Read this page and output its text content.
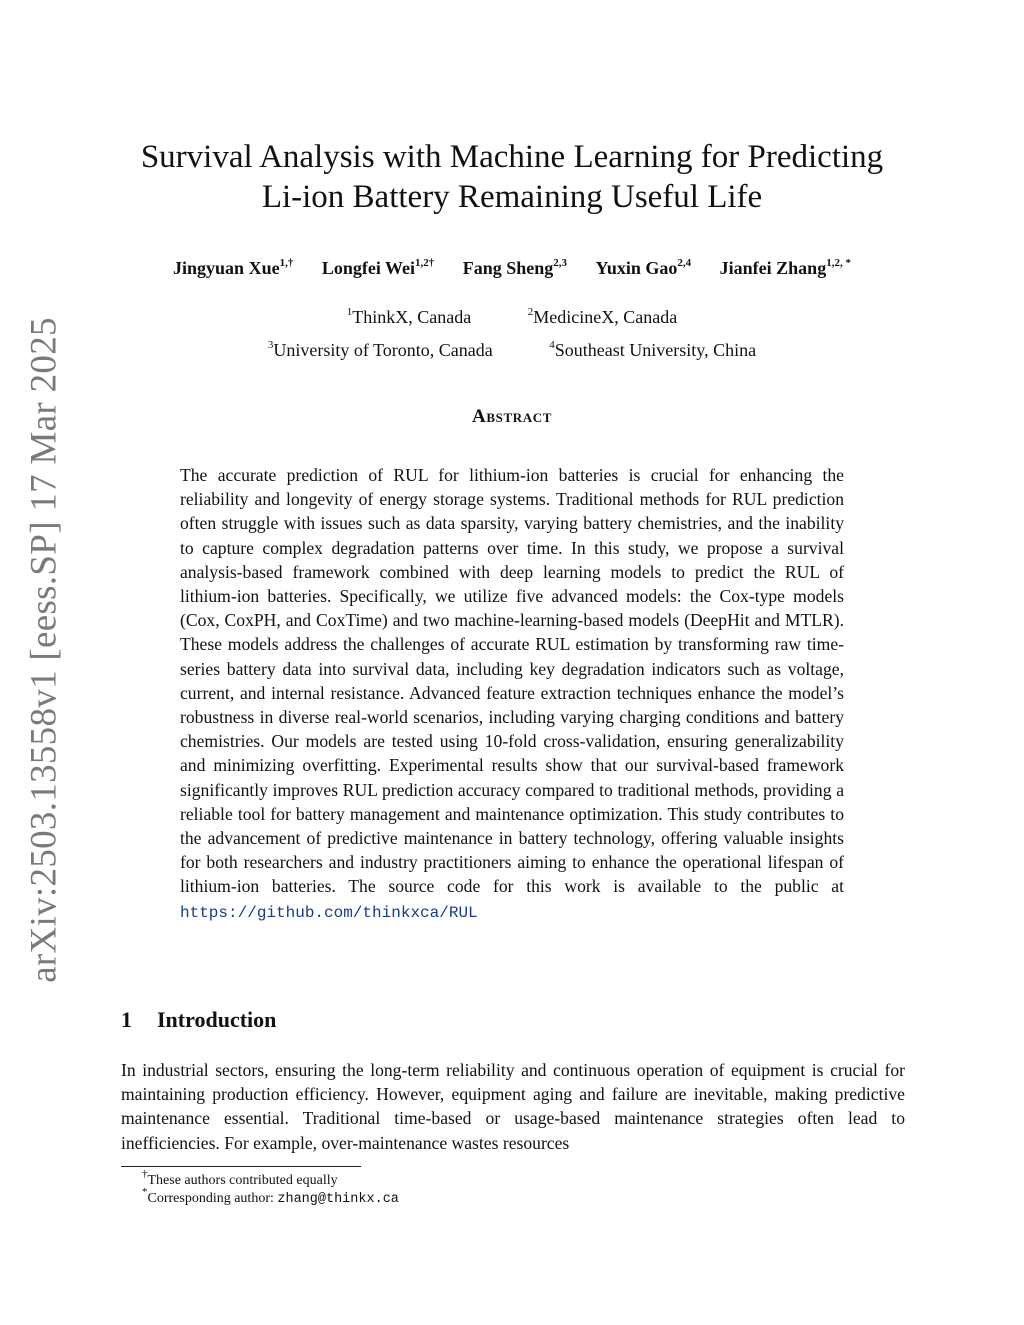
arXiv:2503.13558v1 [eess.SP] 17 Mar 2025
Survival Analysis with Machine Learning for Predicting
Li-ion Battery Remaining Useful Life
Jingyuan Xue$^{1,\dagger}$ Longfei Wei$^{1,2\dagger}$ Fang Sheng$^{2,3}$ Yuxin Gao$^{2,4}$ Jianfei Zhang$^{1,2, *}$
$^1$ThinkX, Canada	$^2$MedicineX, Canada
$^3$University of Toronto, Canada	$^4$Southeast University, China
Abstract
The accurate prediction of RUL for lithium-ion batteries is crucial for enhancing the reliability and longevity of energy storage systems. Traditional methods for RUL prediction often struggle with issues such as data sparsity, varying battery chemistries, and the inability to capture complex degradation patterns over time. In this study, we propose a survival analysis-based framework combined with deep learning models to predict the RUL of lithium-ion batteries. Specifically, we utilize five advanced models: the Cox-type models (Cox, CoxPH, and CoxTime) and two machine-learning-based models (DeepHit and MTLR). These models address the challenges of accurate RUL estimation by transforming raw time-series battery data into survival data, including key degradation indicators such as voltage, current, and internal resistance. Advanced feature extraction techniques enhance the model’s robustness in diverse real-world scenarios, including varying charging conditions and battery chemistries. Our models are tested using 10-fold cross-validation, ensuring generalizability and minimizing overfitting. Experimental results show that our survival-based framework significantly improves RUL prediction accuracy compared to traditional methods, providing a reliable tool for battery management and maintenance optimization. This study contributes to the advancement of predictive maintenance in battery technology, offering valuable insights for both researchers and industry practitioners aiming to enhance the operational lifespan of lithium-ion batteries. The source code for this work is available to the public at https://github.com/thinkxca/RUL
1 Introduction
In industrial sectors, ensuring the long-term reliability and continuous operation of equipment is crucial for maintaining production efficiency. However, equipment aging and failure are inevitable, making predictive maintenance essential. Traditional time-based or usage-based maintenance strategies often lead to inefficiencies. For example, over-maintenance wastes resources
†These authors contributed equally
*Corresponding author: zhang@thinkx.ca
